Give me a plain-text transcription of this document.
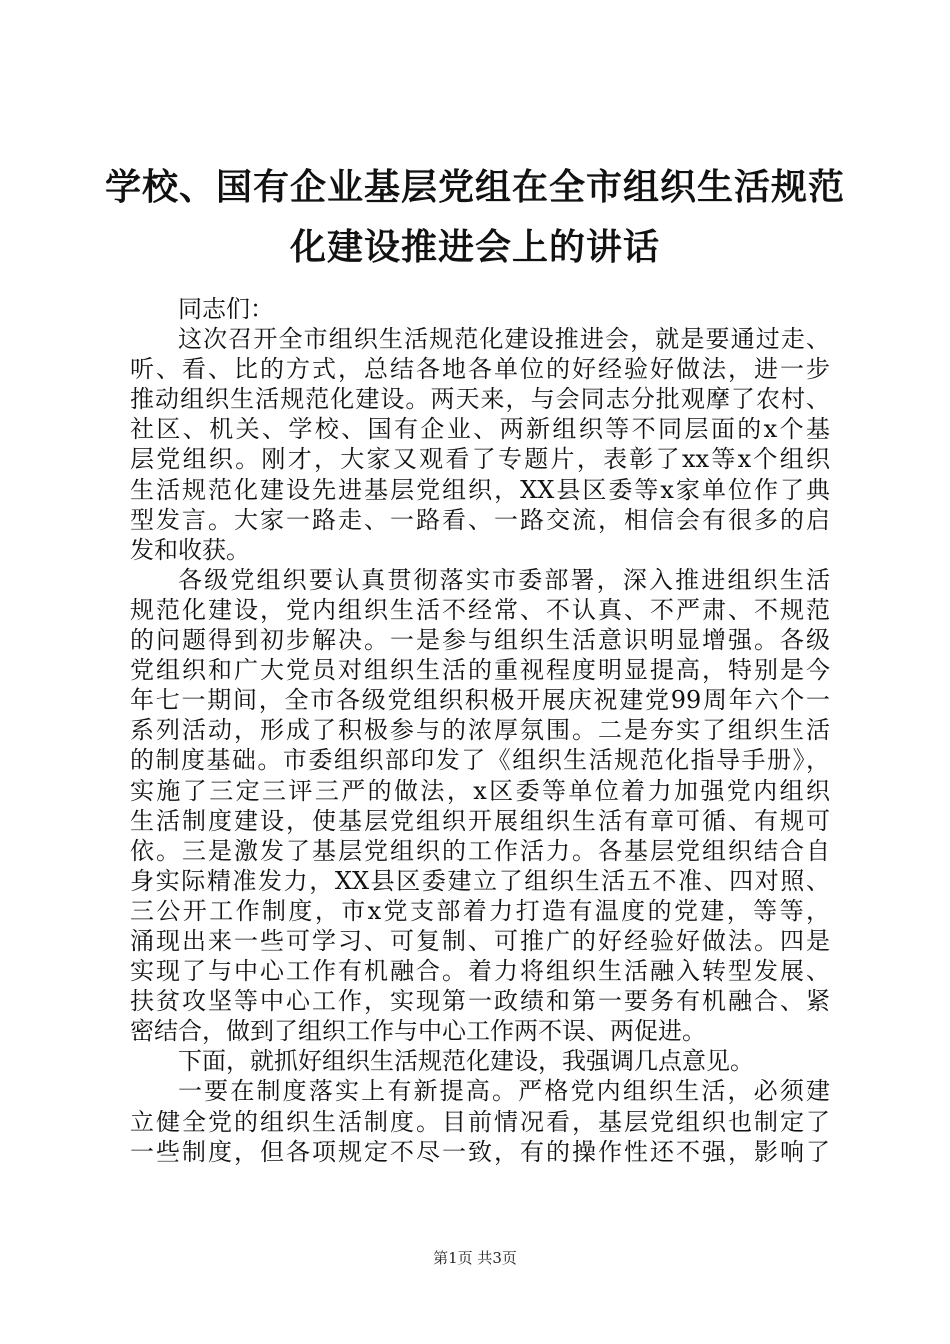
学校、国有企业基层党组在全市组织生活规范
化建设推进会上的讲话
同志们：
这次召开全市组织生活规范化建设推进会，就是要通过走、
听、看、比的方式，总结各地各单位的好经验好做法，进一步
推动组织生活规范化建设。两天来，与会同志分批观摩了农村、
社区、机关、学校、国有企业、两新组织等不同层面的x个基
层党组织。刚才，大家又观看了专题片，表彰了xx等x个组织
生活规范化建设先进基层党组织，XX县区委等x家单位作了典
型发言。大家一路走、一路看、一路交流，相信会有很多的启
发和收获。
各级党组织要认真贯彻落实市委部署，深入推进组织生活
规范化建设，党内组织生活不经常、不认真、不严肃、不规范
的问题得到初步解决。一是参与组织生活意识明显增强。各级
党组织和广大党员对组织生活的重视程度明显提高，特别是今
年七一期间，全市各级党组织积极开展庆祝建党99周年六个一
系列活动，形成了积极参与的浓厚氛围。二是夯实了组织生活
的制度基础。市委组织部印发了《组织生活规范化指导手册》，
实施了三定三评三严的做法，x区委等单位着力加强党内组织
生活制度建设，使基层党组织开展组织生活有章可循、有规可
依。三是激发了基层党组织的工作活力。各基层党组织结合自
身实际精准发力，XX县区委建立了组织生活五不准、四对照、
三公开工作制度，市x党支部着力打造有温度的党建，等等，
涌现出来一些可学习、可复制、可推广的好经验好做法。四是
实现了与中心工作有机融合。着力将组织生活融入转型发展、
扶贫攻坚等中心工作，实现第一政绩和第一要务有机融合、紧
密结合，做到了组织工作与中心工作两不误、两促进。
下面，就抓好组织生活规范化建设，我强调几点意见。
一要在制度落实上有新提高。严格党内组织生活，必须建
立健全党的组织生活制度。目前情况看，基层党组织也制定了
一些制度，但各项规定不尽一致，有的操作性还不强，影响了
第1页 共3页
